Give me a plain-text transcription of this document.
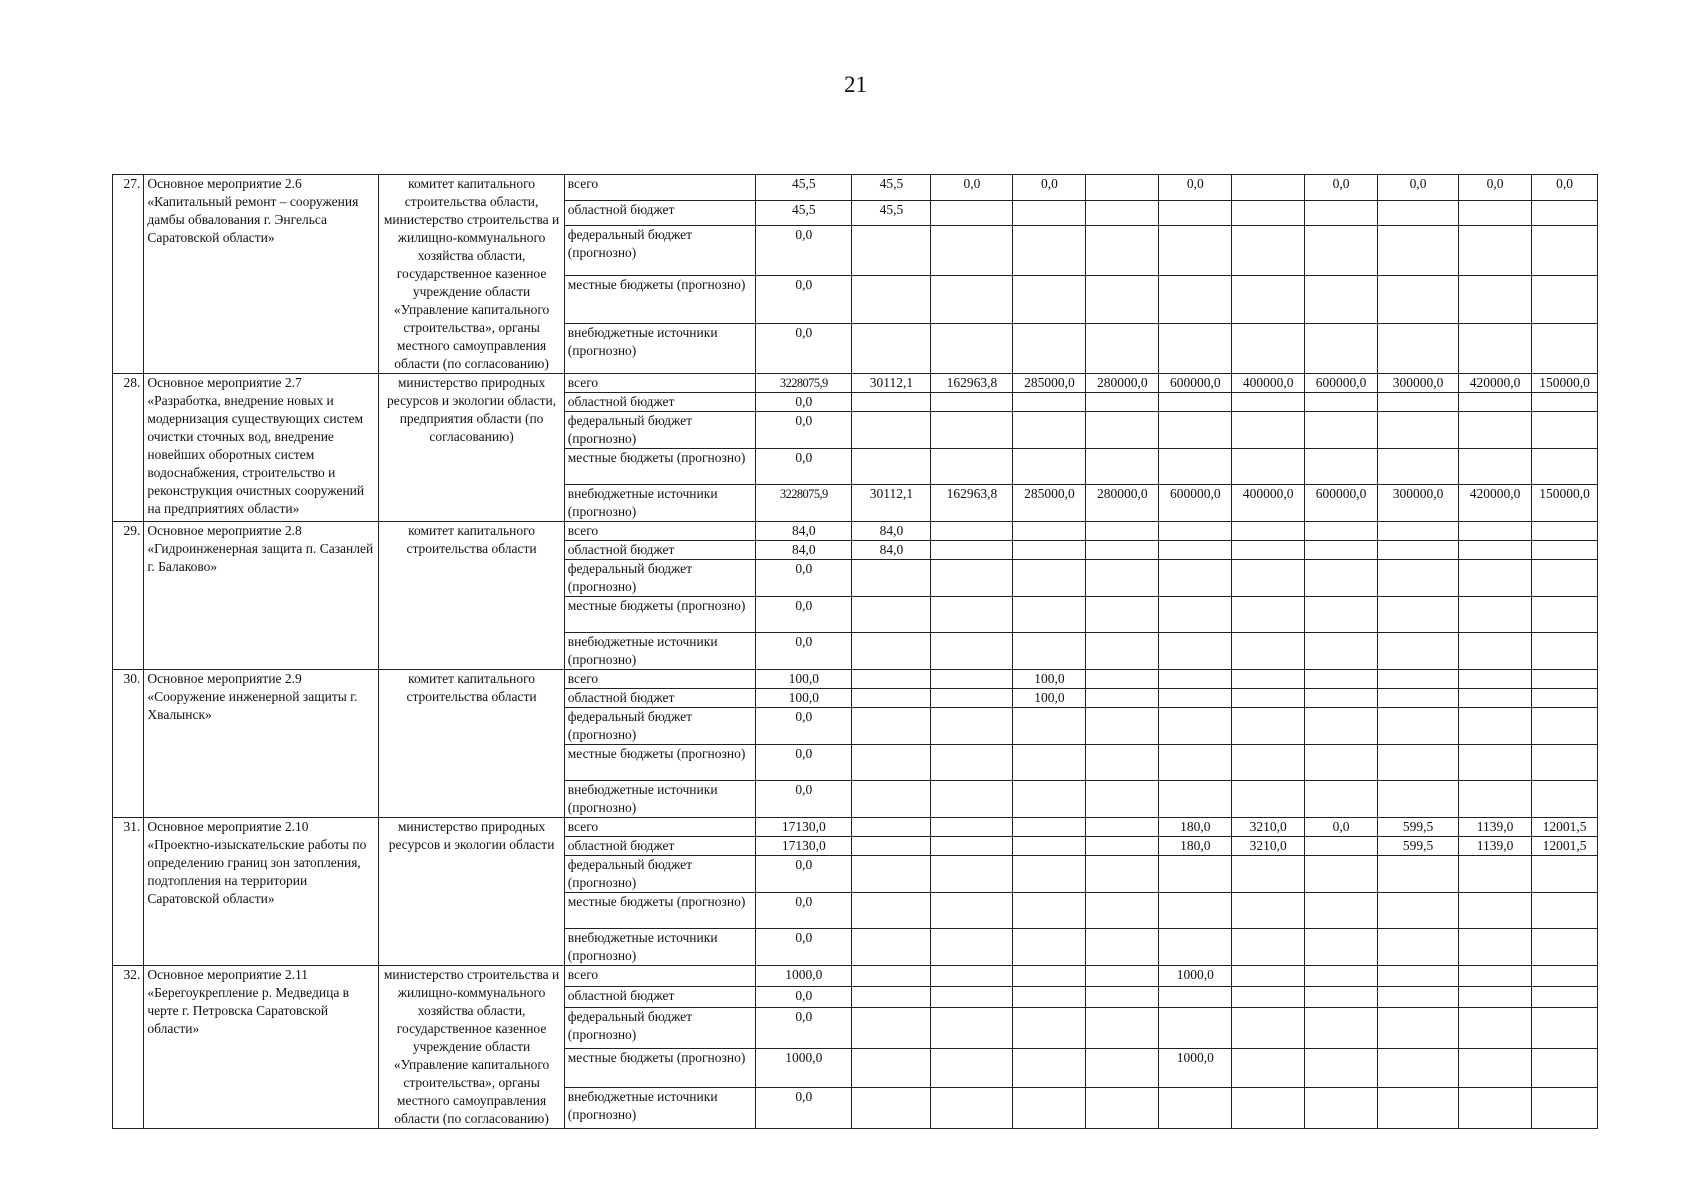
21
27.	Основное мероприятие 2.6 «Капитальный ремонт – сооружения дамбы обвалования г. Энгельса Саратовской области»	комитет капитального строительства области, министерство строительства и жилищно-коммунального хозяйства области, государственное казенное учреждение области «Управление капитального строительства», органы местного самоуправления области (по согласованию)	всего	45,5	45,5	0,0	0,0		0,0		0,0	0,0	0,0	0,0
			областной бюджет	45,5	45,5									
			федеральный бюджет (прогнозно)	0,0										
			местные бюджеты (прогнозно)	0,0										
			внебюджетные источники (прогнозно)	0,0										
28.	Основное мероприятие 2.7 «Разработка, внедрение новых и модернизация существующих систем очистки сточных вод, внедрение новейших оборотных систем водоснабжения, строительство и реконструкция очистных сооружений на предприятиях области»	министерство природных ресурсов и экологии области, предприятия области (по согласованию)	всего	3228075,9	30112,1	162963,8	285000,0	280000,0	600000,0	400000,0	600000,0	300000,0	420000,0	150000,0
			областной бюджет	0,0										
			федеральный бюджет (прогнозно)	0,0										
			местные бюджеты (прогнозно)	0,0										
			внебюджетные источники (прогнозно)	3228075,9	30112,1	162963,8	285000,0	280000,0	600000,0	400000,0	600000,0	300000,0	420000,0	150000,0
29.	Основное мероприятие 2.8 «Гидроинженерная защита п. Сазанлей г. Балаково»	комитет капитального строительства области	всего	84,0	84,0									
			областной бюджет	84,0	84,0									
			федеральный бюджет (прогнозно)	0,0										
			местные бюджеты (прогнозно)	0,0										
			внебюджетные источники (прогнозно)	0,0										
30.	Основное мероприятие 2.9 «Сооружение инженерной защиты г. Хвалынск»	комитет капитального строительства области	всего	100,0			100,0							
			областной бюджет	100,0			100,0							
			федеральный бюджет (прогнозно)	0,0										
			местные бюджеты (прогнозно)	0,0										
			внебюджетные источники (прогнозно)	0,0										
31.	Основное мероприятие 2.10 «Проектно-изыскательские работы по определению границ зон затопления, подтопления на территории Саратовской области»	министерство природных ресурсов и экологии области	всего	17130,0					180,0	3210,0	0,0	599,5	1139,0	12001,5
			областной бюджет	17130,0					180,0	3210,0		599,5	1139,0	12001,5
			федеральный бюджет (прогнозно)	0,0										
			местные бюджеты (прогнозно)	0,0										
			внебюджетные источники (прогнозно)	0,0										
32.	Основное мероприятие 2.11 «Берегоукрепление р. Медведица в черте г. Петровска Саратовской области»	министерство строительства и жилищно-коммунального хозяйства области, государственное казенное учреждение области «Управление капитального строительства», органы местного самоуправления области (по согласованию)	всего	1000,0					1000,0					
			областной бюджет	0,0										
			федеральный бюджет (прогнозно)	0,0										
			местные бюджеты (прогнозно)	1000,0					1000,0					
			внебюджетные источники (прогнозно)	0,0										
